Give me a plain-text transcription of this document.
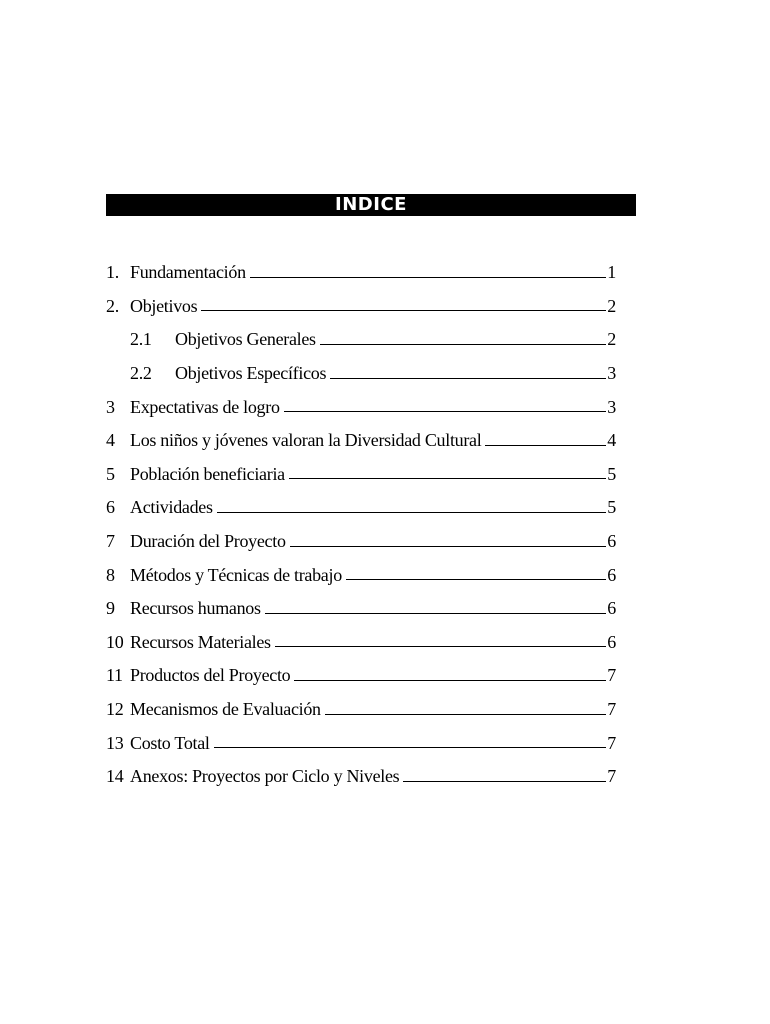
INDICE
1. Fundamentación	1
2. Objetivos	2
2.1	Objetivos Generales	2
2.2	Objetivos Específicos	3
3 Expectativas de logro	3
4 Los niños y jóvenes valoran la Diversidad Cultural	4
5 Población beneficiaria	5
6 Actividades	5
7 Duración del Proyecto	6
8 Métodos y Técnicas de trabajo	6
9 Recursos humanos	6
10 Recursos Materiales	6
11 Productos del Proyecto	7
12 Mecanismos de Evaluación	7
13 Costo Total	7
14 Anexos: Proyectos por Ciclo y Niveles	7
